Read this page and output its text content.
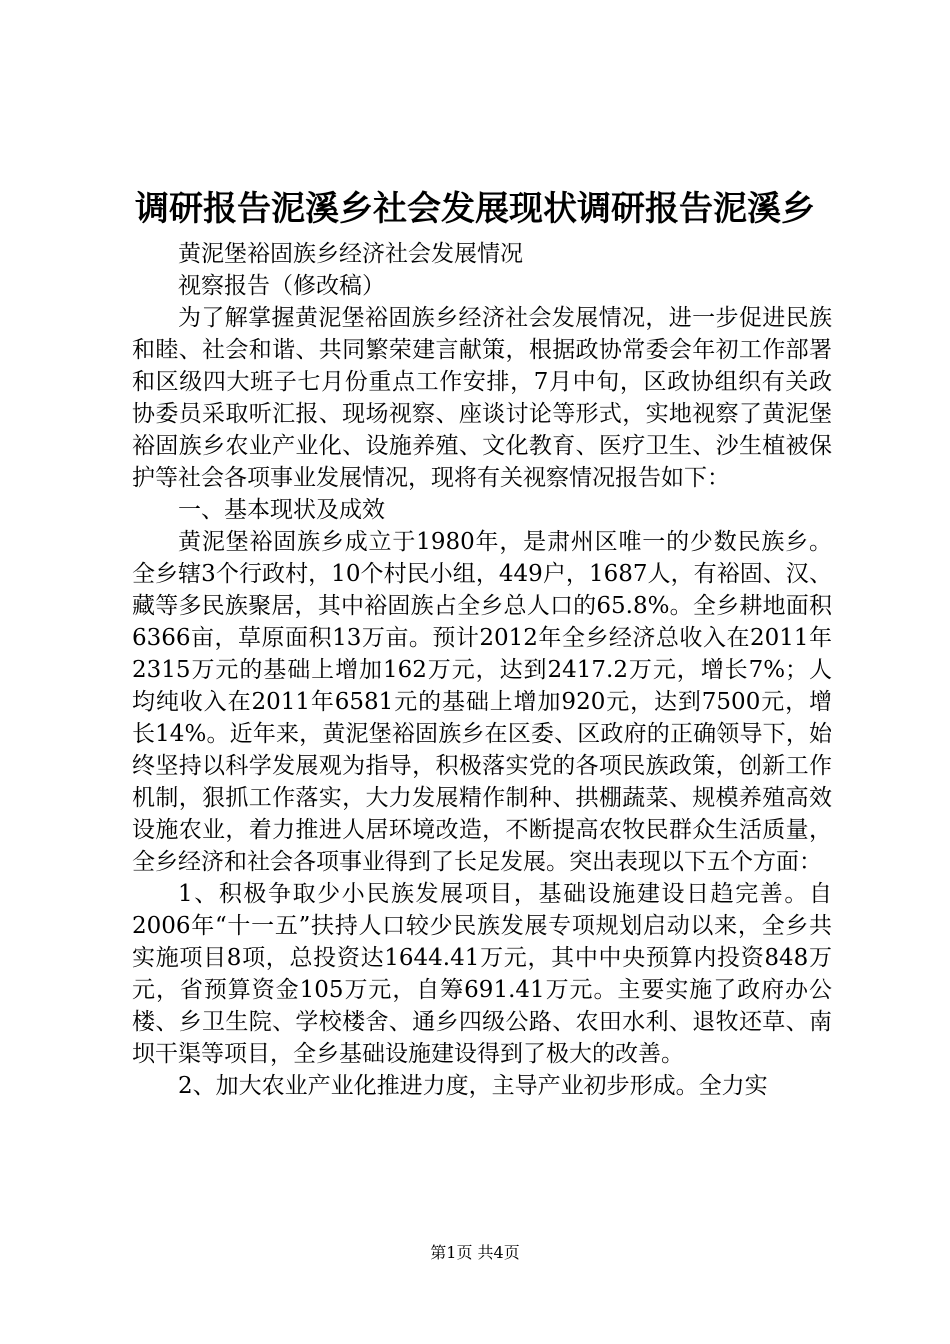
调研报告泥溪乡社会发展现状调研报告泥溪乡

黄泥堡裕固族乡经济社会发展情况

视察报告（修改稿）

为了解掌握黄泥堡裕固族乡经济社会发展情况，进一步促进民族和睦、社会和谐、共同繁荣建言献策，根据政协常委会年初工作部署和区级四大班子七月份重点工作安排，7月中旬，区政协组织有关政协委员采取听汇报、现场视察、座谈讨论等形式，实地视察了黄泥堡裕固族乡农业产业化、设施养殖、文化教育、医疗卫生、沙生植被保护等社会各项事业发展情况，现将有关视察情况报告如下：

一、基本现状及成效

黄泥堡裕固族乡成立于1980年，是肃州区唯一的少数民族乡。全乡辖3个行政村，10个村民小组，449户，1687人，有裕固、汉、藏等多民族聚居，其中裕固族占全乡总人口的65.8%。全乡耕地面积6366亩，草原面积13万亩。预计2012年全乡经济总收入在2011年2315万元的基础上增加162万元，达到2417.2万元，增长7%；人均纯收入在2011年6581元的基础上增加920元，达到7500元，增长14%。近年来，黄泥堡裕固族乡在区委、区政府的正确领导下，始终坚持以科学发展观为指导，积极落实党的各项民族政策，创新工作机制，狠抓工作落实，大力发展精作制种、拱棚蔬菜、规模养殖高效设施农业，着力推进人居环境改造，不断提高农牧民群众生活质量，全乡经济和社会各项事业得到了长足发展。突出表现以下五个方面：

1、积极争取少小民族发展项目，基础设施建设日趋完善。自2006年“十一五”扶持人口较少民族发展专项规划启动以来，全乡共实施项目8项，总投资达1644.41万元，其中中央预算内投资848万元，省预算资金105万元，自筹691.41万元。主要实施了政府办公楼、乡卫生院、学校楼舍、通乡四级公路、农田水利、退牧还草、南坝干渠等项目，全乡基础设施建设得到了极大的改善。

2、加大农业产业化推进力度，主导产业初步形成。全力实

第1页 共4页
